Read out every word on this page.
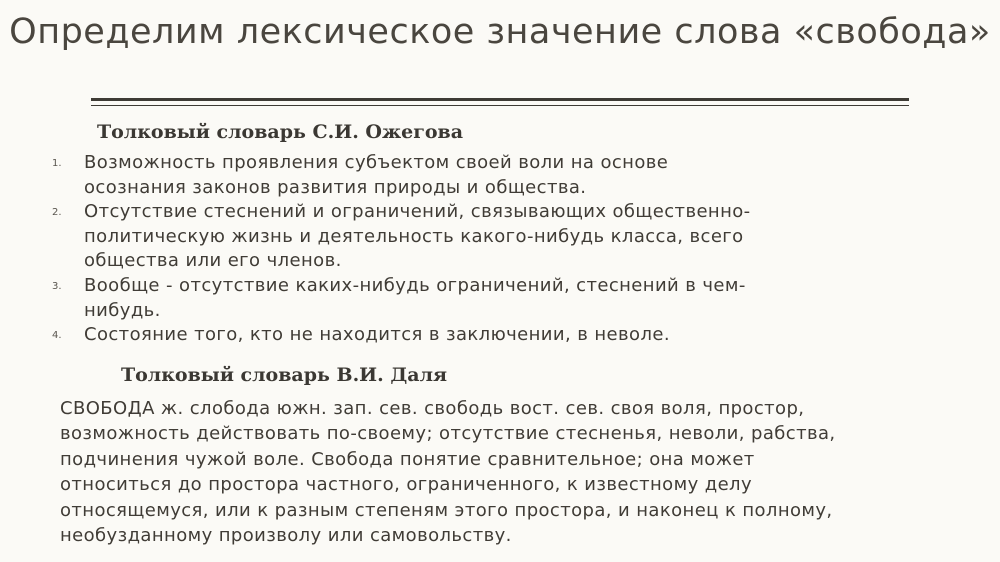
Определим лексическое значение слова «свобода»
Толковый словарь С.И. Ожегова
1. Возможность проявления субъектом своей воли на основе осознания законов развития природы и общества.
2. Отсутствие стеснений и ограничений, связывающих общественно-политическую жизнь и деятельность какого-нибудь класса, всего общества или его членов.
3. Вообще - отсутствие каких-нибудь ограничений, стеснений в чем-нибудь.
4. Состояние того, кто не находится в заключении, в неволе.
Толковый словарь В.И. Даля

СВОБОДА ж. слобода южн. зап. сев. свободь вост. сев. своя воля, простор, возможность действовать по-своему; отсутствие стесненья, неволи, рабства, подчинения чужой воле. Свобода понятие сравнительное; она может относиться до простора частного, ограниченного, к известному делу относящемуся, или к разным степеням этого простора, и наконец к полному, необузданному произволу или самовольству.
